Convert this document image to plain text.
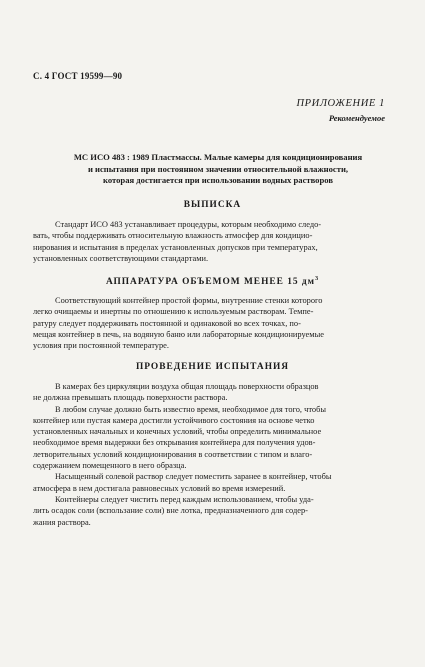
С. 4 ГОСТ 19599—90
ПРИЛОЖЕНИЕ 1
Рекомендуемое
МС ИСО 483 : 1989 Пластмассы. Малые камеры для кондиционирования
и испытания при постоянном значении относительной влажности,
которая достигается при использовании водных растворов
ВЫПИСКА
Стандарт ИСО 483 устанавливает процедуры, которым необходимо следо-
вать, чтобы поддерживать относительную влажность атмосфер для кондицио-
нирования и испытания в пределах установленных допусков при температурах,
установленных соответствующими стандартами.
АППАРАТУРА ОБЪЕМОМ МЕНЕЕ 15 $дм^3$
Соответствующий контейнер простой формы, внутренние стенки которого
легко очищаемы и инертны по отношению к используемым растворам. Темпе-
ратуру следует поддерживать постоянной и одинаковой во всех точках, по-
мещая контейнер в печь, на водяную баню или лабораторные кондиционируемые
условия при постоянной температуре.
ПРОВЕДЕНИЕ ИСПЫТАНИЯ
В камерах без циркуляции воздуха общая площадь поверхности образцов
не должна превышать площадь поверхности раствора.
В любом случае должно быть известно время, необходимое для того, чтобы
контейнер или пустая камера достигли устойчивого состояния на основе четко
установленных начальных и конечных условий, чтобы определить минимальное
необходимое время выдержки без открывания контейнера для получения удов-
летворительных условий кондиционирования в соответствии с типом и влаго-
содержанием помещенного в него образца.
Насыщенный солевой раствор следует поместить заранее в контейнер, чтобы
атмосфера в нем достигала равновесных условий во время измерений.
Контейнеры следует чистить перед каждым использованием, чтобы уда-
лить осадок соли (вспользание соли) вне лотка, предназначенного для содер-
жания раствора.
